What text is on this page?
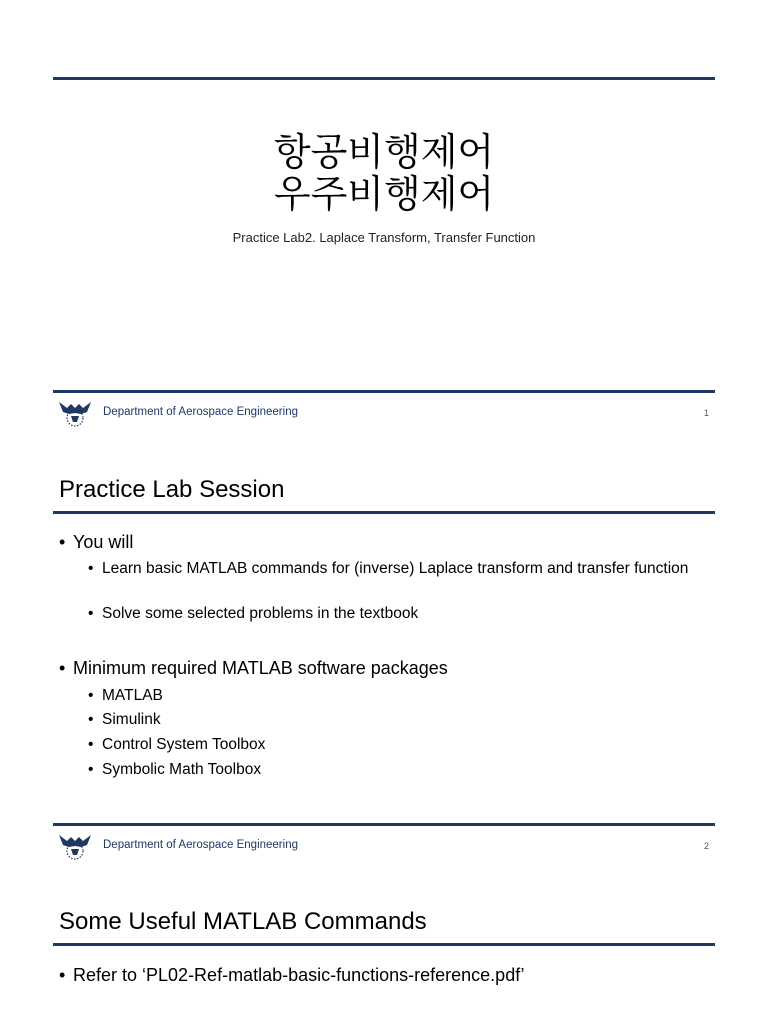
항공비행제어
우주비행제어
Practice Lab2. Laplace Transform, Transfer Function
Department of Aerospace Engineering	1
Practice Lab Session
• You will
• Learn basic MATLAB commands for (inverse) Laplace transform and transfer function
• Solve some selected problems in the textbook
• Minimum required MATLAB software packages
• MATLAB
• Simulink
• Control System Toolbox
• Symbolic Math Toolbox
Department of Aerospace Engineering	2
Some Useful MATLAB Commands
• Refer to ‘PL02-Ref-matlab-basic-functions-reference.pdf’
